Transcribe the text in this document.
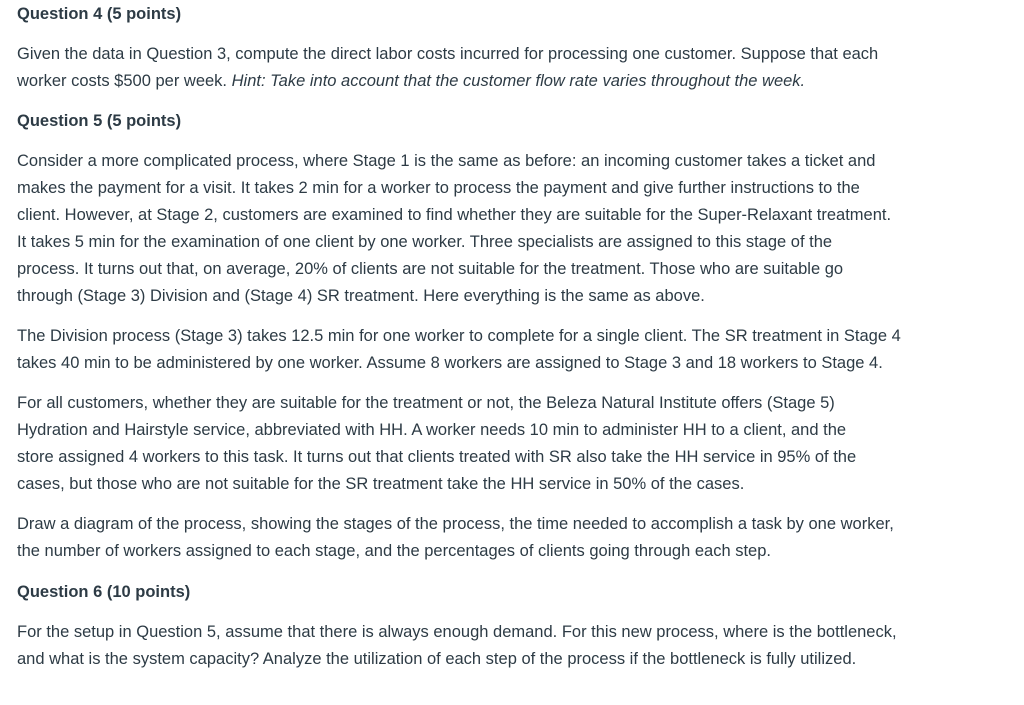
Question 4 (5 points)
Given the data in Question 3, compute the direct labor costs incurred for processing one customer. Suppose that each
worker costs $500 per week. Hint: Take into account that the customer flow rate varies throughout the week.
Question 5 (5 points)
Consider a more complicated process, where Stage 1 is the same as before: an incoming customer takes a ticket and
makes the payment for a visit. It takes 2 min for a worker to process the payment and give further instructions to the
client. However, at Stage 2, customers are examined to find whether they are suitable for the Super-Relaxant treatment.
It takes 5 min for the examination of one client by one worker. Three specialists are assigned to this stage of the
process. It turns out that, on average, 20% of clients are not suitable for the treatment. Those who are suitable go
through (Stage 3) Division and (Stage 4) SR treatment. Here everything is the same as above.
The Division process (Stage 3) takes 12.5 min for one worker to complete for a single client. The SR treatment in Stage 4
takes 40 min to be administered by one worker. Assume 8 workers are assigned to Stage 3 and 18 workers to Stage 4.
For all customers, whether they are suitable for the treatment or not, the Beleza Natural Institute offers (Stage 5)
Hydration and Hairstyle service, abbreviated with HH. A worker needs 10 min to administer HH to a client, and the
store assigned 4 workers to this task. It turns out that clients treated with SR also take the HH service in 95% of the
cases, but those who are not suitable for the SR treatment take the HH service in 50% of the cases.
Draw a diagram of the process, showing the stages of the process, the time needed to accomplish a task by one worker,
the number of workers assigned to each stage, and the percentages of clients going through each step.
Question 6 (10 points)
For the setup in Question 5, assume that there is always enough demand. For this new process, where is the bottleneck,
and what is the system capacity? Analyze the utilization of each step of the process if the bottleneck is fully utilized.
